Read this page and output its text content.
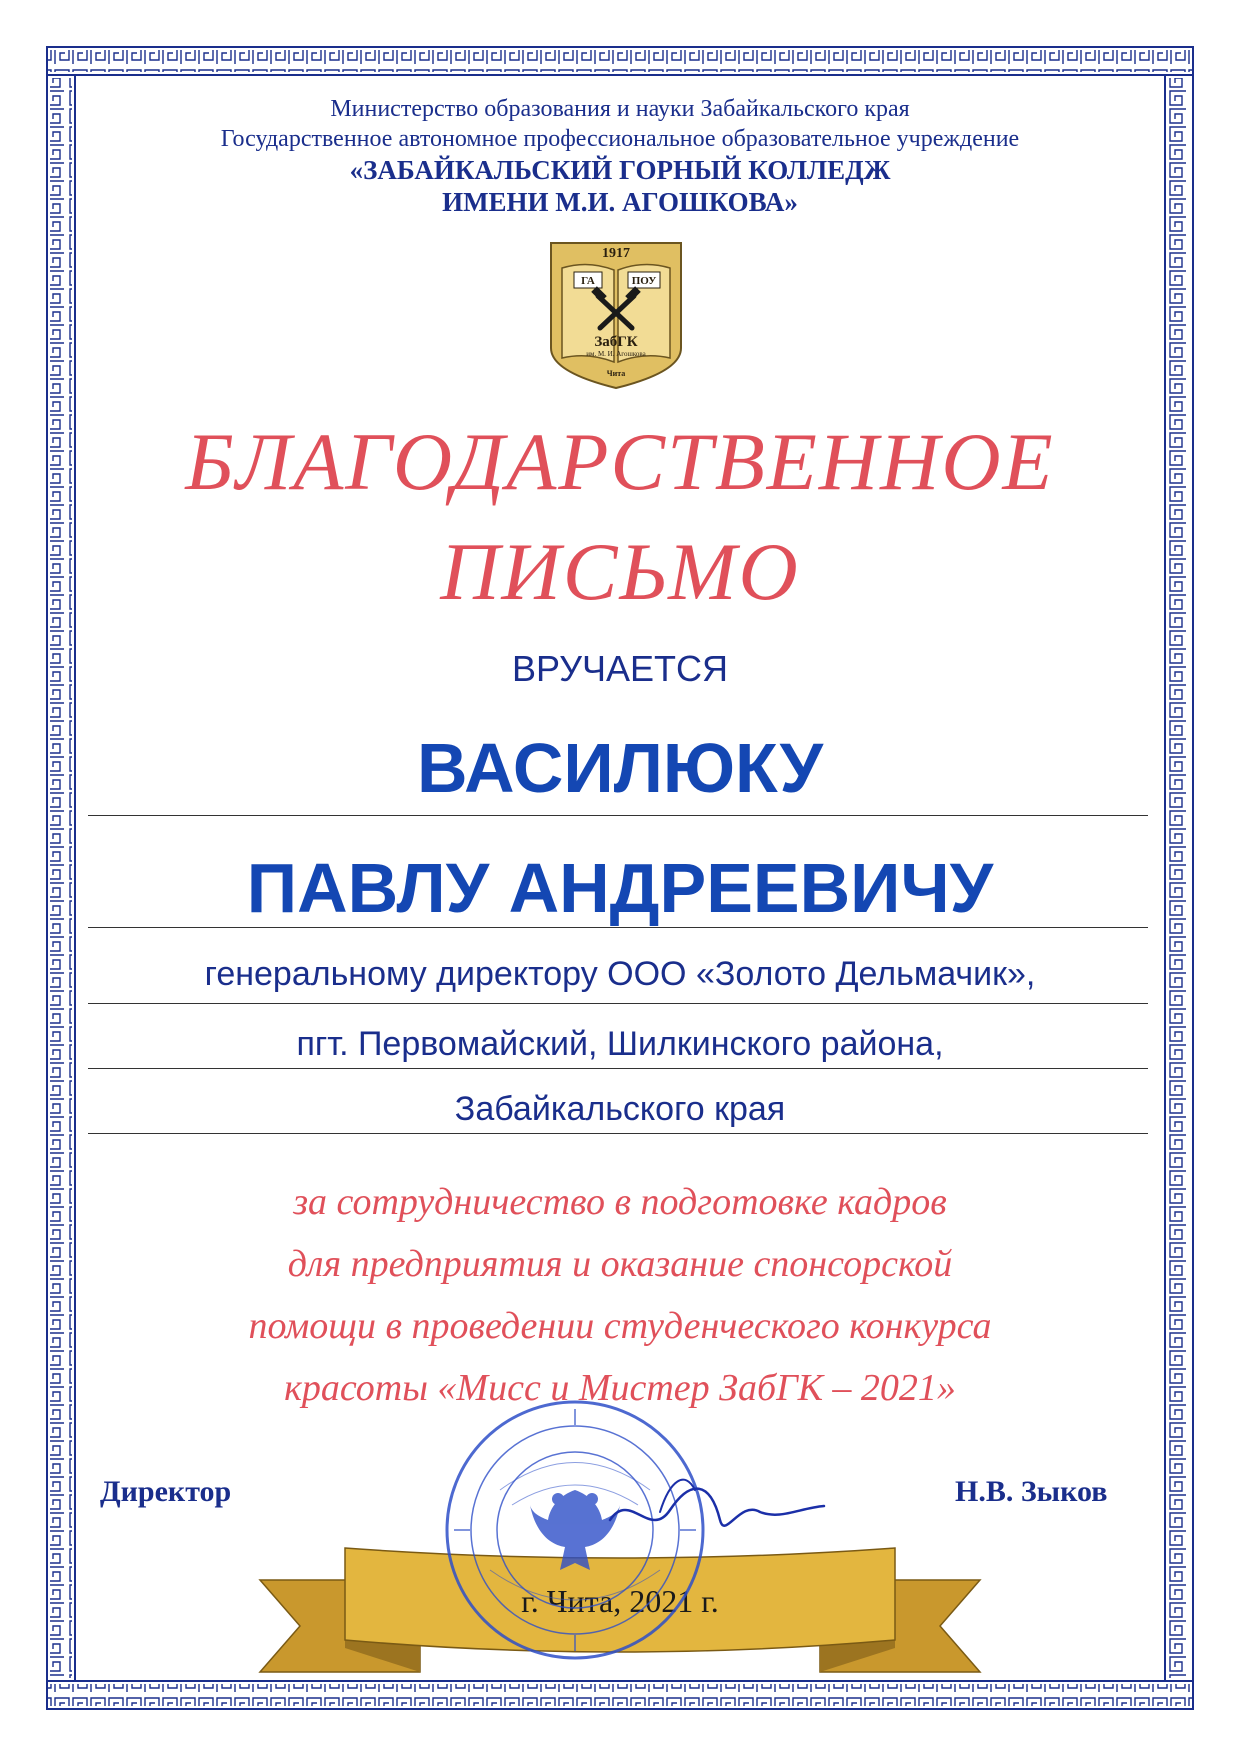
Министерство образования и науки Забайкальского края
Государственное автономное профессиональное образовательное учреждение
«ЗАБАЙКАЛЬСКИЙ ГОРНЫЙ КОЛЛЕДЖ
ИМЕНИ М.И. АГОШКОВА»
1917
ГА	ПОУ
ЗабГК
им. М. И. Агошкова
Чита
БЛАГОДАРСТВЕННОЕ
ПИСЬМО
ВРУЧАЕТСЯ
ВАСИЛЮКУ
ПАВЛУ АНДРЕЕВИЧУ
генеральному директору ООО «Золото Дельмачик»,
пгт. Первомайский, Шилкинского района,
Забайкальского края
за сотрудничество в подготовке кадров
для предприятия и оказание спонсорской
помощи в проведении студенческого конкурса
красоты «Мисс и Мистер ЗабГК – 2021»
Директор	Н.В. Зыков
г. Чита, 2021 г.
